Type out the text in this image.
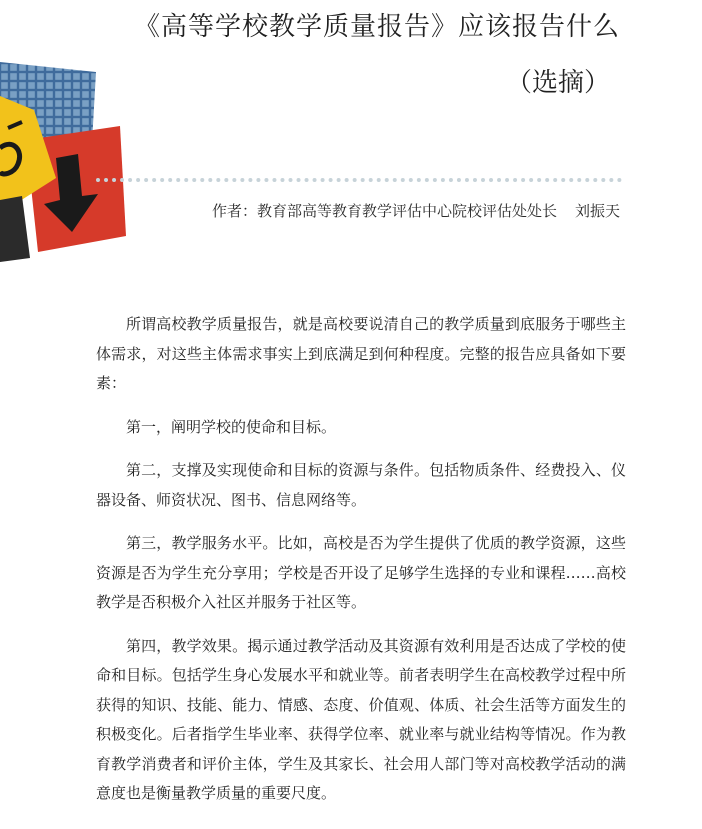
《高等学校教学质量报告》应该报告什么
（选摘）
作者：教育部高等教育教学评估中心院校评估处处长 刘振天

所谓高校教学质量报告，就是高校要说清自己的教学质量到底服务于哪些主体需求，对这些主体需求事实上到底满足到何种程度。完整的报告应具备如下要素：

第一，阐明学校的使命和目标。

第二，支撑及实现使命和目标的资源与条件。包括物质条件、经费投入、仪器设备、师资状况、图书、信息网络等。

第三，教学服务水平。比如，高校是否为学生提供了优质的教学资源，这些资源是否为学生充分享用；学校是否开设了足够学生选择的专业和课程……高校教学是否积极介入社区并服务于社区等。

第四，教学效果。揭示通过教学活动及其资源有效利用是否达成了学校的使命和目标。包括学生身心发展水平和就业等。前者表明学生在高校教学过程中所获得的知识、技能、能力、情感、态度、价值观、体质、社会生活等方面发生的积极变化。后者指学生毕业率、获得学位率、就业率与就业结构等情况。作为教育教学消费者和评价主体，学生及其家长、社会用人部门等对高校教学活动的满意度也是衡量教学质量的重要尺度。
